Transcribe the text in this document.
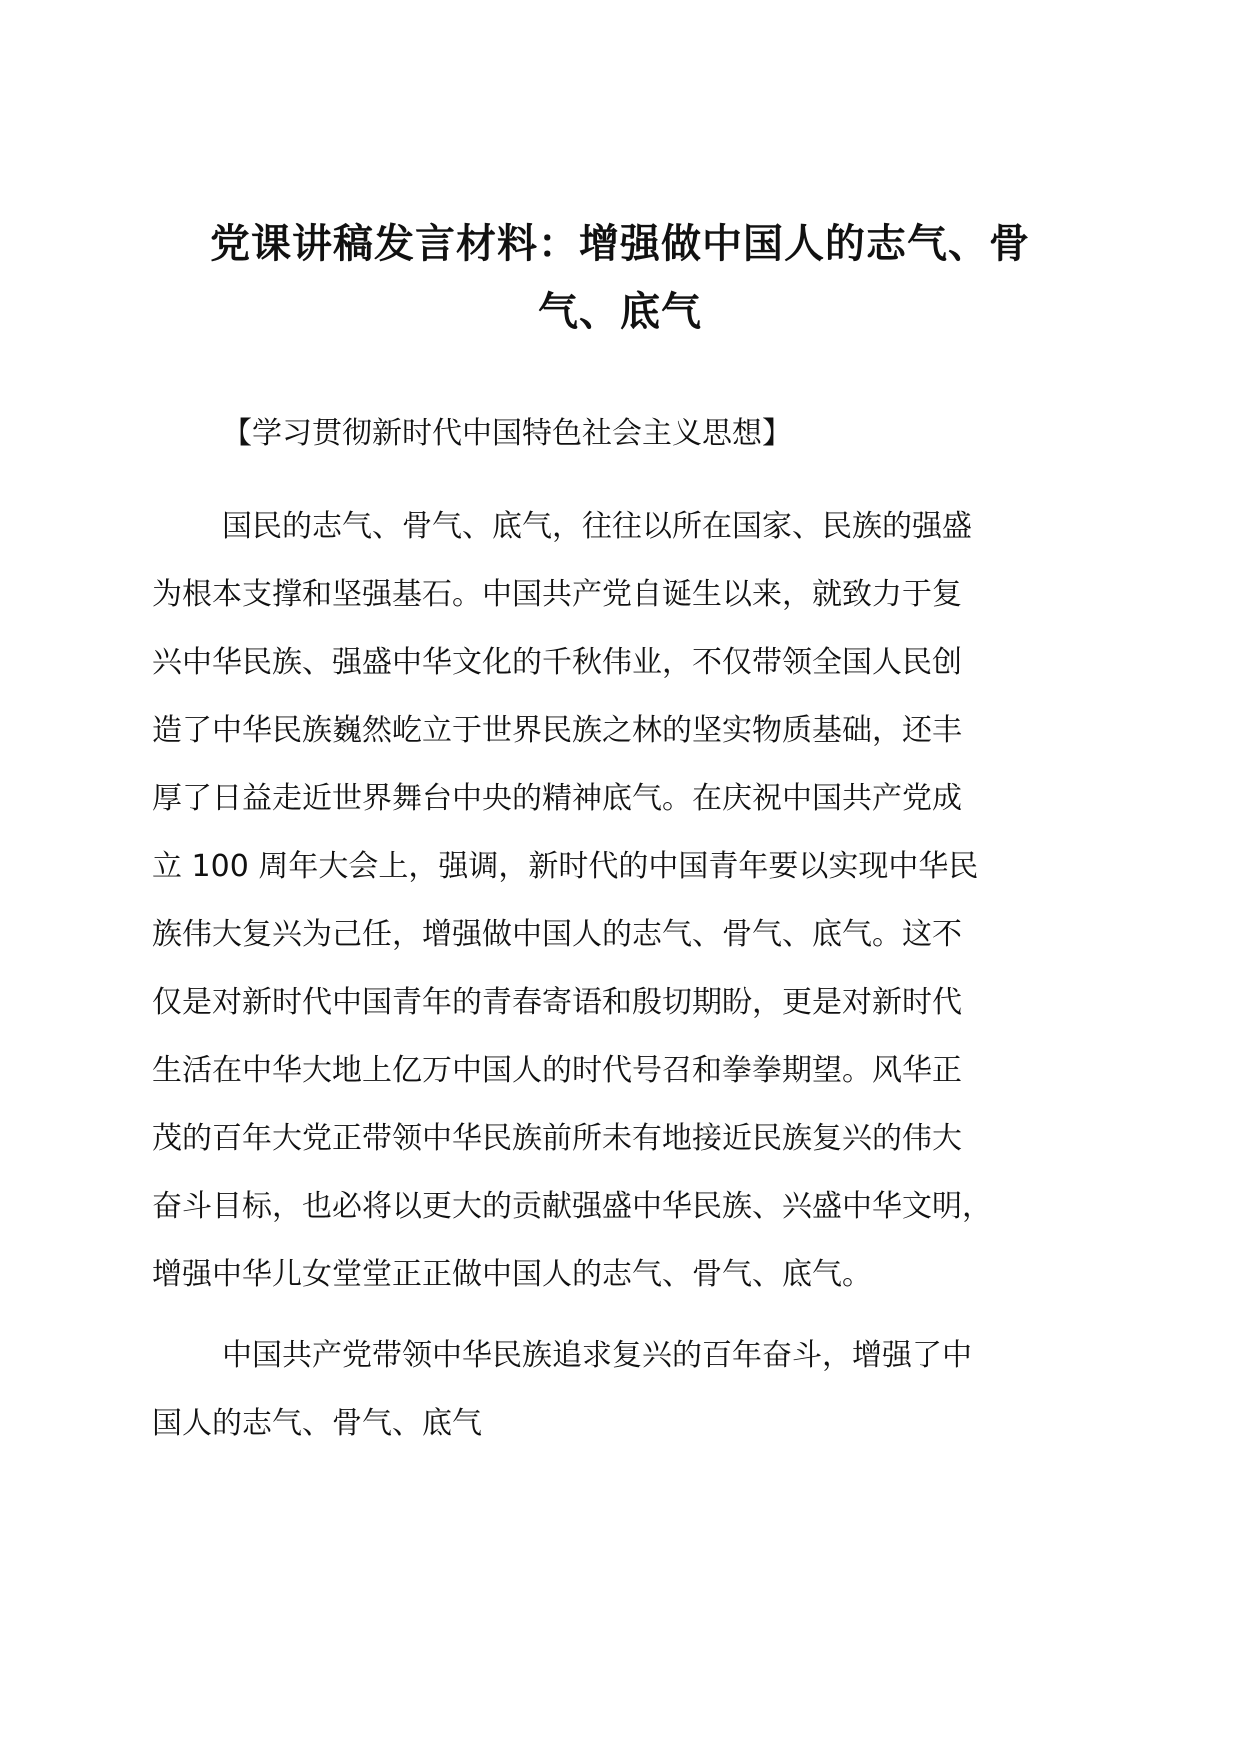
党课讲稿发言材料：增强做中国人的志气、骨
气、底气

【学习贯彻新时代中国特色社会主义思想】

国民的志气、骨气、底气，往往以所在国家、民族的强盛
为根本支撑和坚强基石。中国共产党自诞生以来，就致力于复
兴中华民族、强盛中华文化的千秋伟业，不仅带领全国人民创
造了中华民族巍然屹立于世界民族之林的坚实物质基础，还丰
厚了日益走近世界舞台中央的精神底气。在庆祝中国共产党成
立 100 周年大会上，强调，新时代的中国青年要以实现中华民
族伟大复兴为己任，增强做中国人的志气、骨气、底气。这不
仅是对新时代中国青年的青春寄语和殷切期盼，更是对新时代
生活在中华大地上亿万中国人的时代号召和拳拳期望。风华正
茂的百年大党正带领中华民族前所未有地接近民族复兴的伟大
奋斗目标，也必将以更大的贡献强盛中华民族、兴盛中华文明，
增强中华儿女堂堂正正做中国人的志气、骨气、底气。
中国共产党带领中华民族追求复兴的百年奋斗，增强了中
国人的志气、骨气、底气
